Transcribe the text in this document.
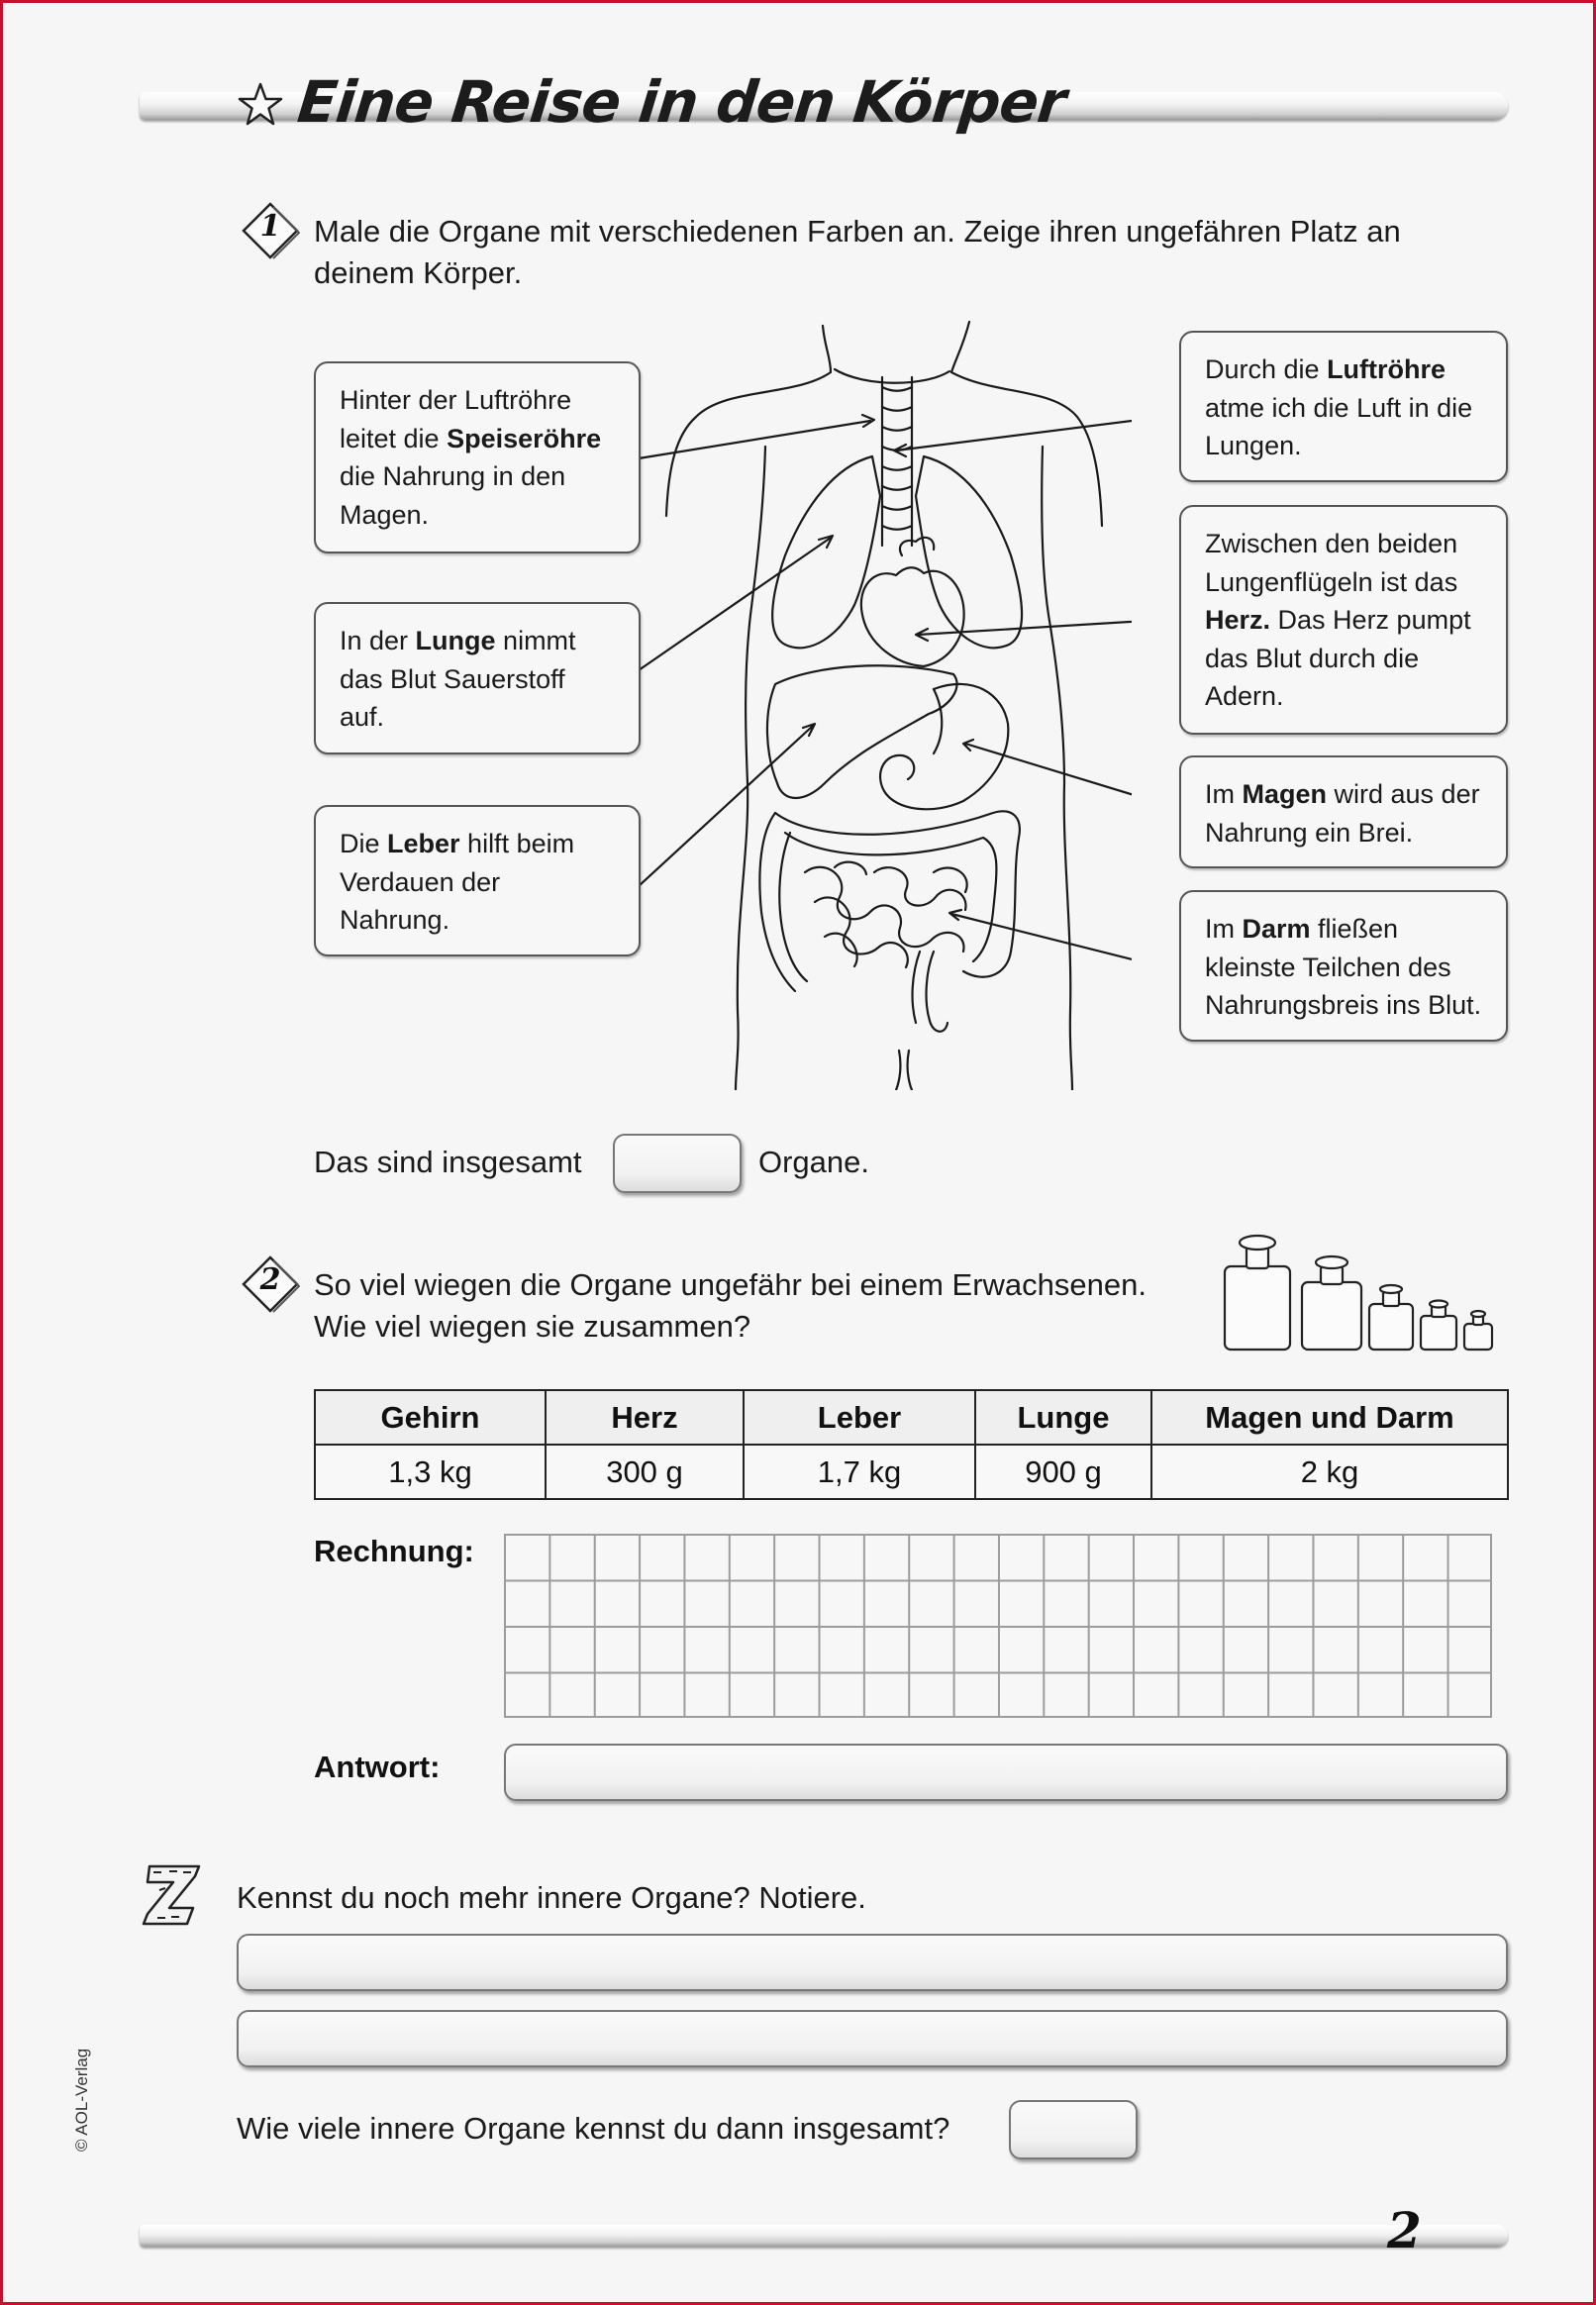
Eine Reise in den Körper
1	Male die Organe mit verschiedenen Farben an. Zeige ihren ungefähren Platz an
deinem Körper.
Hinter der Luftröhre
leitet die Speiseröhre
die Nahrung in den
Magen.
In der Lunge nimmt
das Blut Sauerstoff
auf.
Die Leber hilft beim
Verdauen der
Nahrung.
Durch die Luftröhre
atme ich die Luft in die
Lungen.
Zwischen den beiden
Lungenflügeln ist das
Herz. Das Herz pumpt
das Blut durch die
Adern.
Im Magen wird aus der
Nahrung ein Brei.
Im Darm fließen
kleinste Teilchen des
Nahrungsbreis ins Blut.
Das sind insgesamt	Organe.
2	So viel wiegen die Organe ungefähr bei einem Erwachsenen.
Wie viel wiegen sie zusammen?
Gehirn	Herz	Leber	Lunge	Magen und Darm
1,3 kg	300 g	1,7 kg	900 g	2 kg
Rechnung:
Antwort:
Kennst du noch mehr innere Organe? Notiere.
Wie viele innere Organe kennst du dann insgesamt?
2
© AOL-Verlag
